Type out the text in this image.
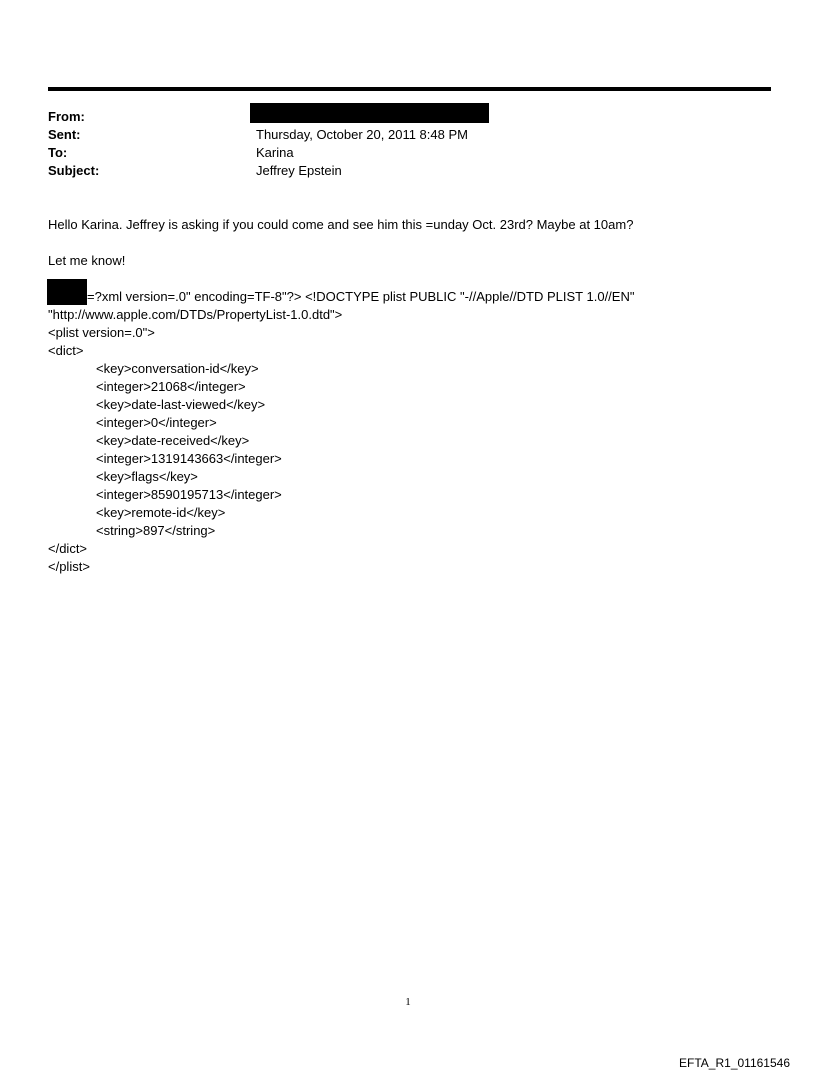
From:
Sent:	Thursday, October 20, 2011 8:48 PM
To:	Karina
Subject:	Jeffrey Epstein
Hello Karina. Jeffrey is asking if you could come and see him this =unday Oct. 23rd? Maybe at 10am?
Let me know!
=?xml version=.0" encoding=TF-8"?> <!DOCTYPE plist PUBLIC "-//Apple//DTD PLIST 1.0//EN"
"http://www.apple.com/DTDs/PropertyList-1.0.dtd">
<plist version=.0">
<dict>
<key>conversation-id</key>
<integer>21068</integer>
<key>date-last-viewed</key>
<integer>0</integer>
<key>date-received</key>
<integer>1319143663</integer>
<key>flags</key>
<integer>8590195713</integer>
<key>remote-id</key>
<string>897</string>
</dict>
</plist>
1
EFTA_R1_01161546
